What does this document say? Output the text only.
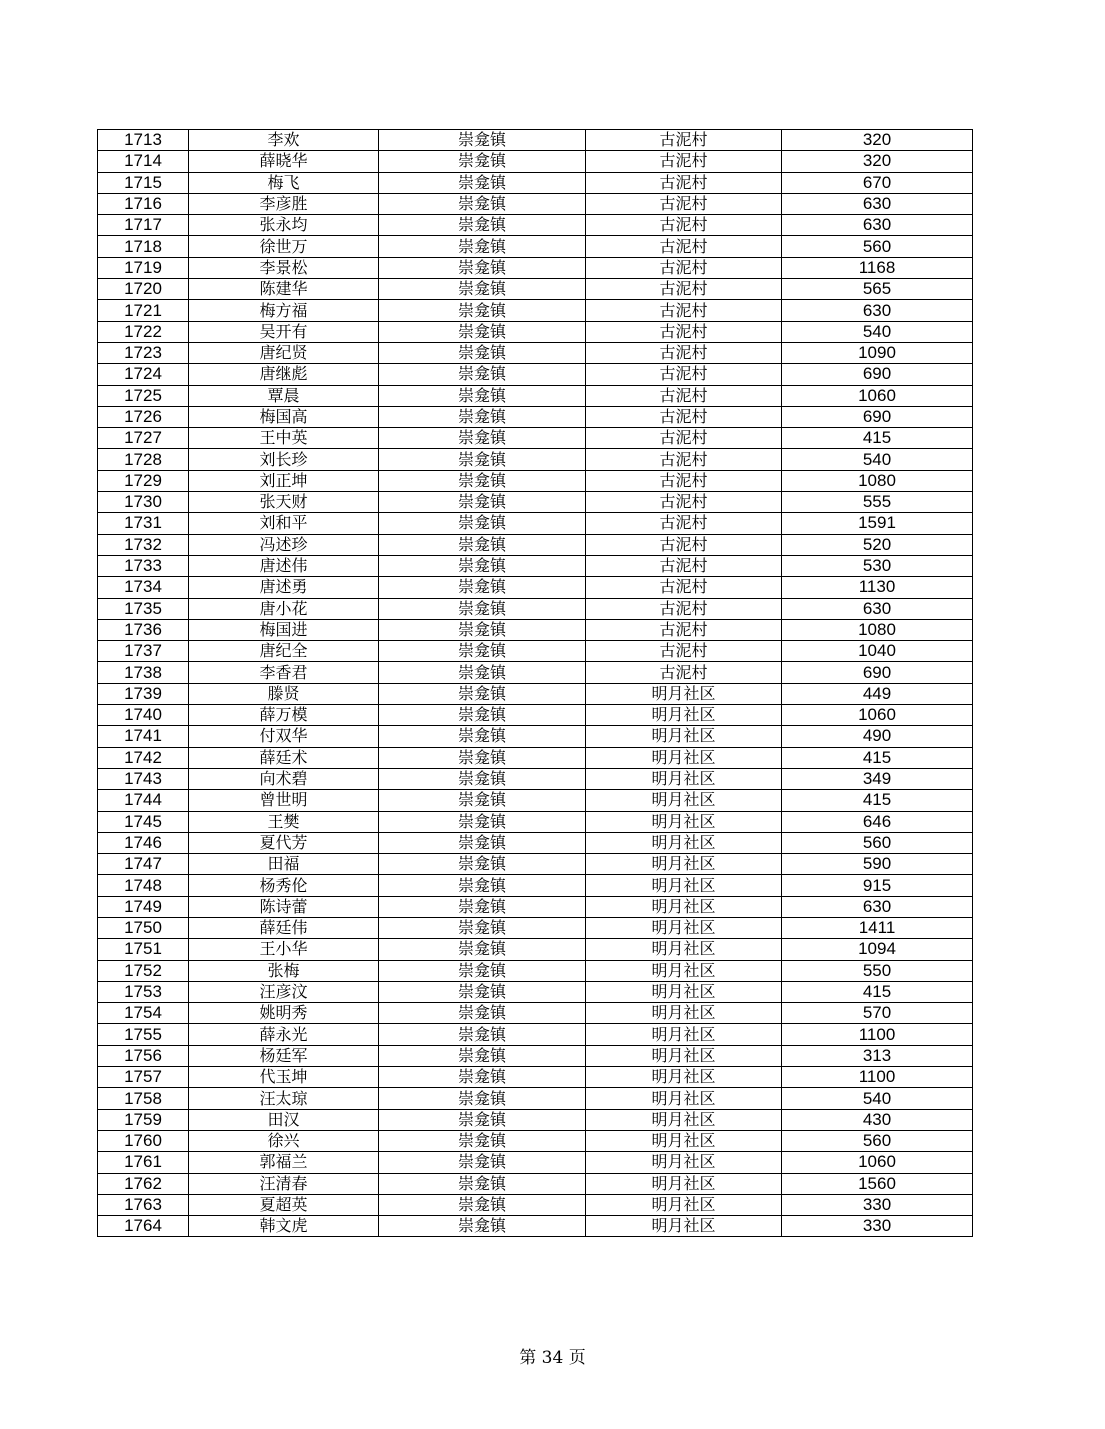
1713	李欢	崇龛镇	古泥村	320
1714	薛晓华	崇龛镇	古泥村	320
1715	梅飞	崇龛镇	古泥村	670
1716	李彦胜	崇龛镇	古泥村	630
1717	张永均	崇龛镇	古泥村	630
1718	徐世万	崇龛镇	古泥村	560
1719	李景松	崇龛镇	古泥村	1168
1720	陈建华	崇龛镇	古泥村	565
1721	梅方福	崇龛镇	古泥村	630
1722	吴开有	崇龛镇	古泥村	540
1723	唐纪贤	崇龛镇	古泥村	1090
1724	唐继彪	崇龛镇	古泥村	690
1725	覃晨	崇龛镇	古泥村	1060
1726	梅国高	崇龛镇	古泥村	690
1727	王中英	崇龛镇	古泥村	415
1728	刘长珍	崇龛镇	古泥村	540
1729	刘正坤	崇龛镇	古泥村	1080
1730	张天财	崇龛镇	古泥村	555
1731	刘和平	崇龛镇	古泥村	1591
1732	冯述珍	崇龛镇	古泥村	520
1733	唐述伟	崇龛镇	古泥村	530
1734	唐述勇	崇龛镇	古泥村	1130
1735	唐小花	崇龛镇	古泥村	630
1736	梅国进	崇龛镇	古泥村	1080
1737	唐纪全	崇龛镇	古泥村	1040
1738	李香君	崇龛镇	古泥村	690
1739	滕贤	崇龛镇	明月社区	449
1740	薛万模	崇龛镇	明月社区	1060
1741	付双华	崇龛镇	明月社区	490
1742	薛廷术	崇龛镇	明月社区	415
1743	向术碧	崇龛镇	明月社区	349
1744	曾世明	崇龛镇	明月社区	415
1745	王樊	崇龛镇	明月社区	646
1746	夏代芳	崇龛镇	明月社区	560
1747	田福	崇龛镇	明月社区	590
1748	杨秀伦	崇龛镇	明月社区	915
1749	陈诗蕾	崇龛镇	明月社区	630
1750	薛廷伟	崇龛镇	明月社区	1411
1751	王小华	崇龛镇	明月社区	1094
1752	张梅	崇龛镇	明月社区	550
1753	汪彦汶	崇龛镇	明月社区	415
1754	姚明秀	崇龛镇	明月社区	570
1755	薛永光	崇龛镇	明月社区	1100
1756	杨廷军	崇龛镇	明月社区	313
1757	代玉坤	崇龛镇	明月社区	1100
1758	汪太琼	崇龛镇	明月社区	540
1759	田汉	崇龛镇	明月社区	430
1760	徐兴	崇龛镇	明月社区	560
1761	郭福兰	崇龛镇	明月社区	1060
1762	汪清春	崇龛镇	明月社区	1560
1763	夏超英	崇龛镇	明月社区	330
1764	韩文虎	崇龛镇	明月社区	330
第 34 页
